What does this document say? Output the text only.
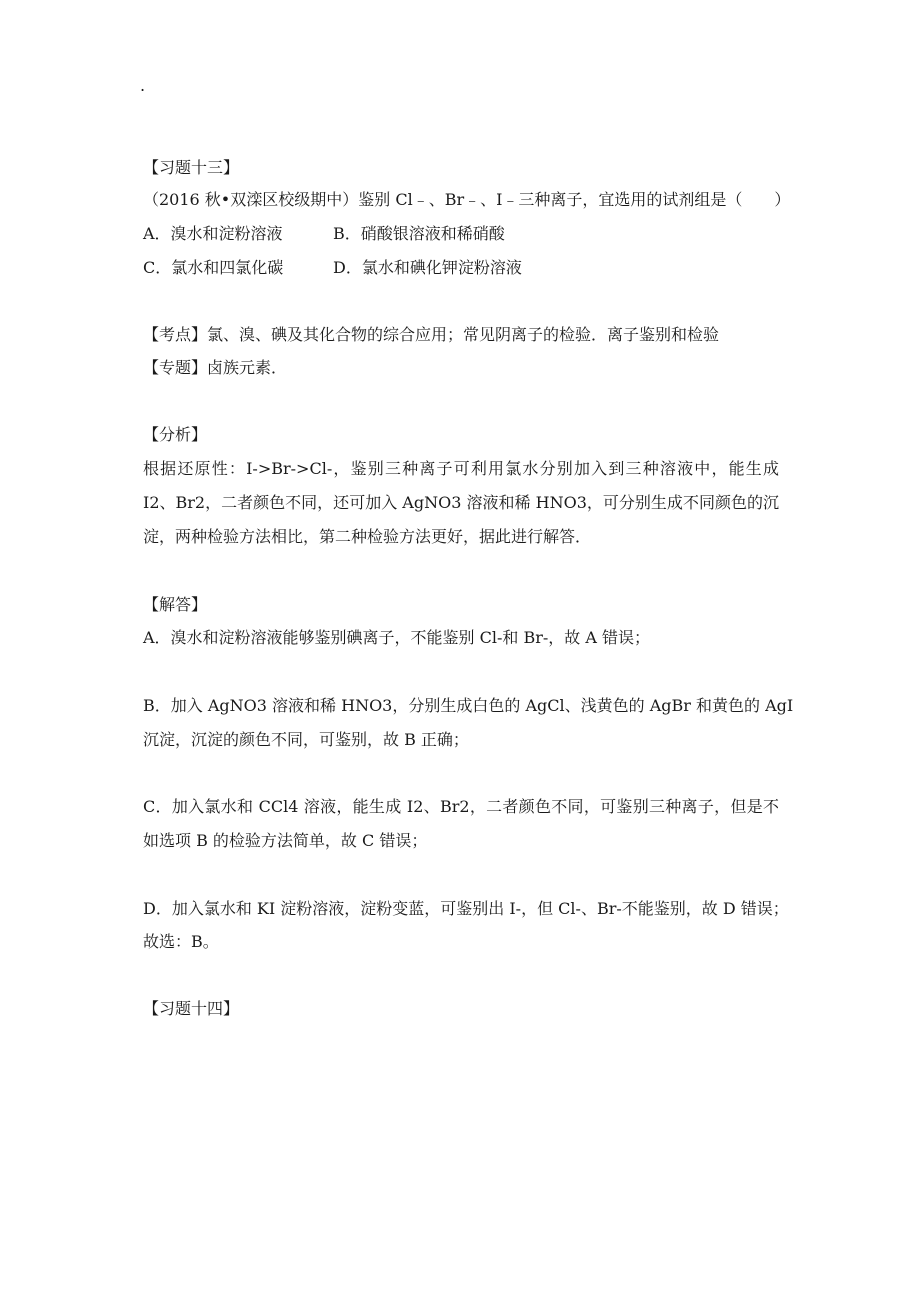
.
【习题十三】
（2016 秋•双滦区校级期中）鉴别 Cl﹣、Br﹣、I﹣三种离子，宜选用的试剂组是（　　）
A．溴水和淀粉溶液	B．硝酸银溶液和稀硝酸
C．氯水和四氯化碳	D．氯水和碘化钾淀粉溶液
【考点】氯、溴、碘及其化合物的综合应用；常见阴离子的检验．离子鉴别和检验
【专题】卤族元素．
【分析】
根据还原性：I->Br->Cl-，鉴别三种离子可利用氯水分别加入到三种溶液中，能生成
I2、Br2，二者颜色不同，还可加入 AgNO3 溶液和稀 HNO3，可分别生成不同颜色的沉
淀，两种检验方法相比，第二种检验方法更好，据此进行解答．
【解答】
A．溴水和淀粉溶液能够鉴别碘离子，不能鉴别 Cl-和 Br-，故 A 错误；
B．加入 AgNO3 溶液和稀 HNO3，分别生成白色的 AgCl、浅黄色的 AgBr 和黄色的 AgI
沉淀，沉淀的颜色不同，可鉴别，故 B 正确；
C．加入氯水和 CCl4 溶液，能生成 I2、Br2，二者颜色不同，可鉴别三种离子，但是不
如选项 B 的检验方法简单，故 C 错误；
D．加入氯水和 KI 淀粉溶液，淀粉变蓝，可鉴别出 I-，但 Cl-、Br-不能鉴别，故 D 错误；
故选：B。
【习题十四】
